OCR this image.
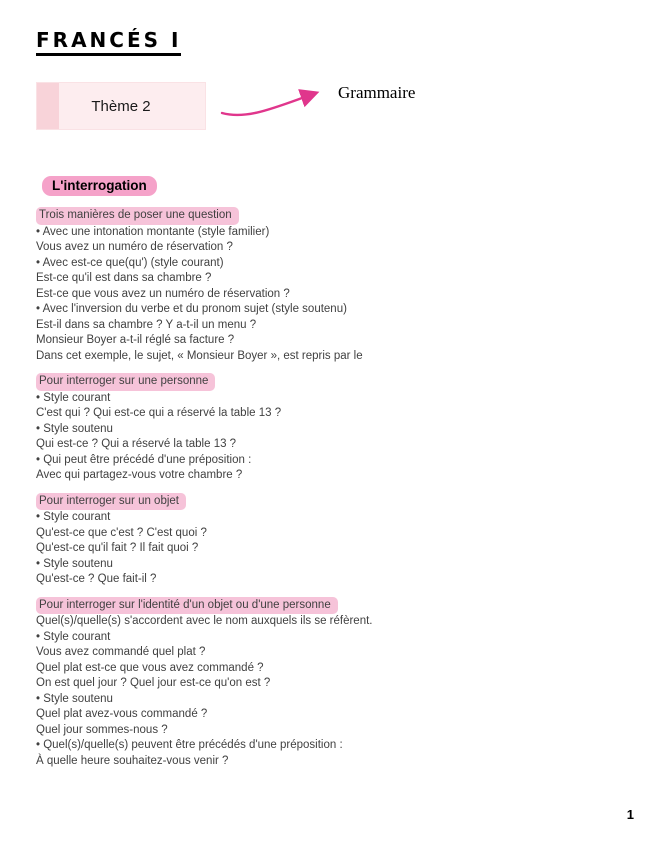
FRANCÉS I
Thème 2
Grammaire
L'interrogation
Trois manières de poser une question
• Avec une intonation montante (style familier)
Vous avez un numéro de réservation ?
• Avec est-ce que(qu') (style courant)
Est-ce qu'il est dans sa chambre ?
Est-ce que vous avez un numéro de réservation ?
• Avec l'inversion du verbe et du pronom sujet (style soutenu)
Est-il dans sa chambre ? Y a-t-il un menu ?
Monsieur Boyer a-t-il réglé sa facture ?
Dans cet exemple, le sujet, « Monsieur Boyer », est repris par le
Pour interroger sur une personne
• Style courant
C'est qui ? Qui est-ce qui a réservé la table 13 ?
• Style soutenu
Qui est-ce ? Qui a réservé la table 13 ?
• Qui peut être précédé d'une préposition :
Avec qui partagez-vous votre chambre ?
Pour interroger sur un objet
• Style courant
Qu'est-ce que c'est ? C'est quoi ?
Qu'est-ce qu'il fait ? Il fait quoi ?
• Style soutenu
Qu'est-ce ? Que fait-il ?
Pour interroger sur l'identité d'un objet ou d'une personne
Quel(s)/quelle(s) s'accordent avec le nom auxquels ils se réfèrent.
• Style courant
Vous avez commandé quel plat ?
Quel plat est-ce que vous avez commandé ?
On est quel jour ? Quel jour est-ce qu'on est ?
• Style soutenu
Quel plat avez-vous commandé ?
Quel jour sommes-nous ?
• Quel(s)/quelle(s) peuvent être précédés d'une préposition :
À quelle heure souhaitez-vous venir ?
1
